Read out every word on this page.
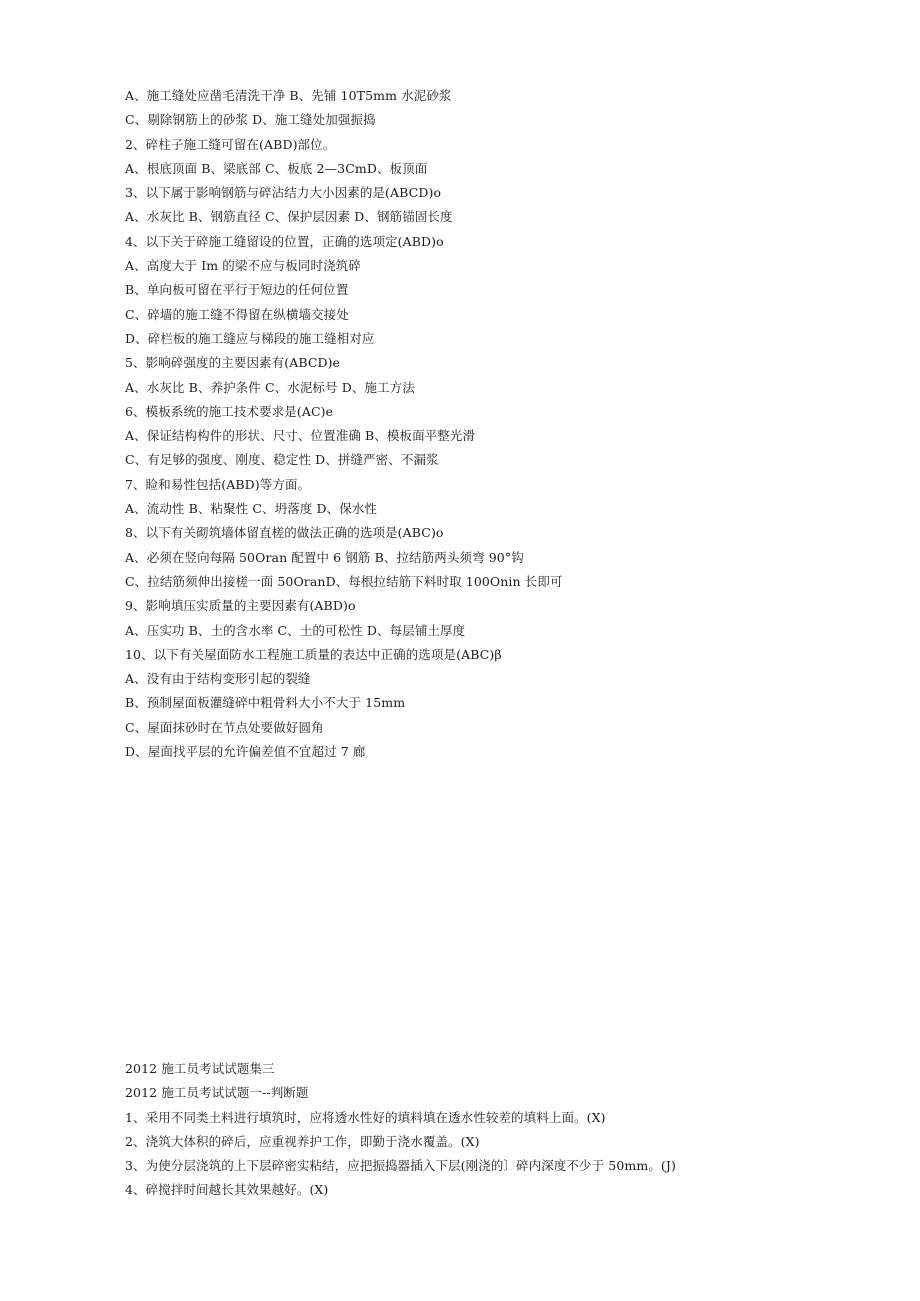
A、施工缝处应凿毛清洗干净 B、先铺 10T5mm 水泥砂浆
C、剔除钢筋上的砂浆 D、施工缝处加强振捣
2、碎柱子施工缝可留在(ABD)部位。
A、根底顶面 B、梁底部 C、板底 2—3CmD、板顶面
3、以下属于影响钢筋与碎沾结力大小因素的是(ABCD)o
A、水灰比 B、钢筋直径 C、保护层因素 D、钢筋锚固长度
4、以下关于碎施工缝留设的位置，正确的选项定(ABD)o
A、高度大于 Im 的梁不应与板同时浇筑碎
B、单向板可留在平行于短边的任何位置
C、碎墙的施工缝不得留在纵横墙交接处
D、碎栏板的施工缝应与梯段的施工缝相对应
5、影响碎强度的主要因素有(ABCD)e
A、水灰比 B、养护条件 C、水泥标号 D、施工方法
6、模板系统的施工技术要求是(AC)e
A、保证结构构件的形状、尺寸、位置准确 B、模板面平整光滑
C、有足够的强度、刚度、稳定性 D、拼缝严密、不漏浆
7、睑和易性包括(ABD)等方面。
A、流动性 B、粘聚性 C、坍落度 D、保水性
8、以下有关砌筑墙体留直槎的做法正确的选项是(ABC)o
A、必须在竖向每隔 50Oran 配置中 6 钢筋 B、拉结筋两头须弯 90°钩
C、拉结筋须伸出接槎一面 50OranD、每根拉结筋下料时取 100Onin 长即可
9、影响填压实质量的主要因素有(ABD)o
A、压实功 B、土的含水率 C、土的可松性 D、每层铺土厚度
10、以下有关屋面防水工程施工质量的表达中正确的选项是(ABC)β
A、没有由于结构变形引起的裂缝
B、预制屋面板灌缝碎中粗骨料大小不大于 15mm
C、屋面抹砂时在节点处要做好圆角
D、屋面找平层的允许偏差值不宜超过 7 廊
2012 施工员考试试题集三
2012 施工员考试试题一--判断题
1、采用不同类土料进行填筑时，应将透水性好的填料填在透水性较差的填料上面。(X)
2、浇筑大体积的碎后，应重视养护工作，即勤于浇水覆盖。(X)
3、为使分层浇筑的上下层碎密实粘结，应把振捣器插入下层(刚浇的〕碎内深度不少于 50mm。(J)
4、碎搅拌时间越长其效果越好。(X)
